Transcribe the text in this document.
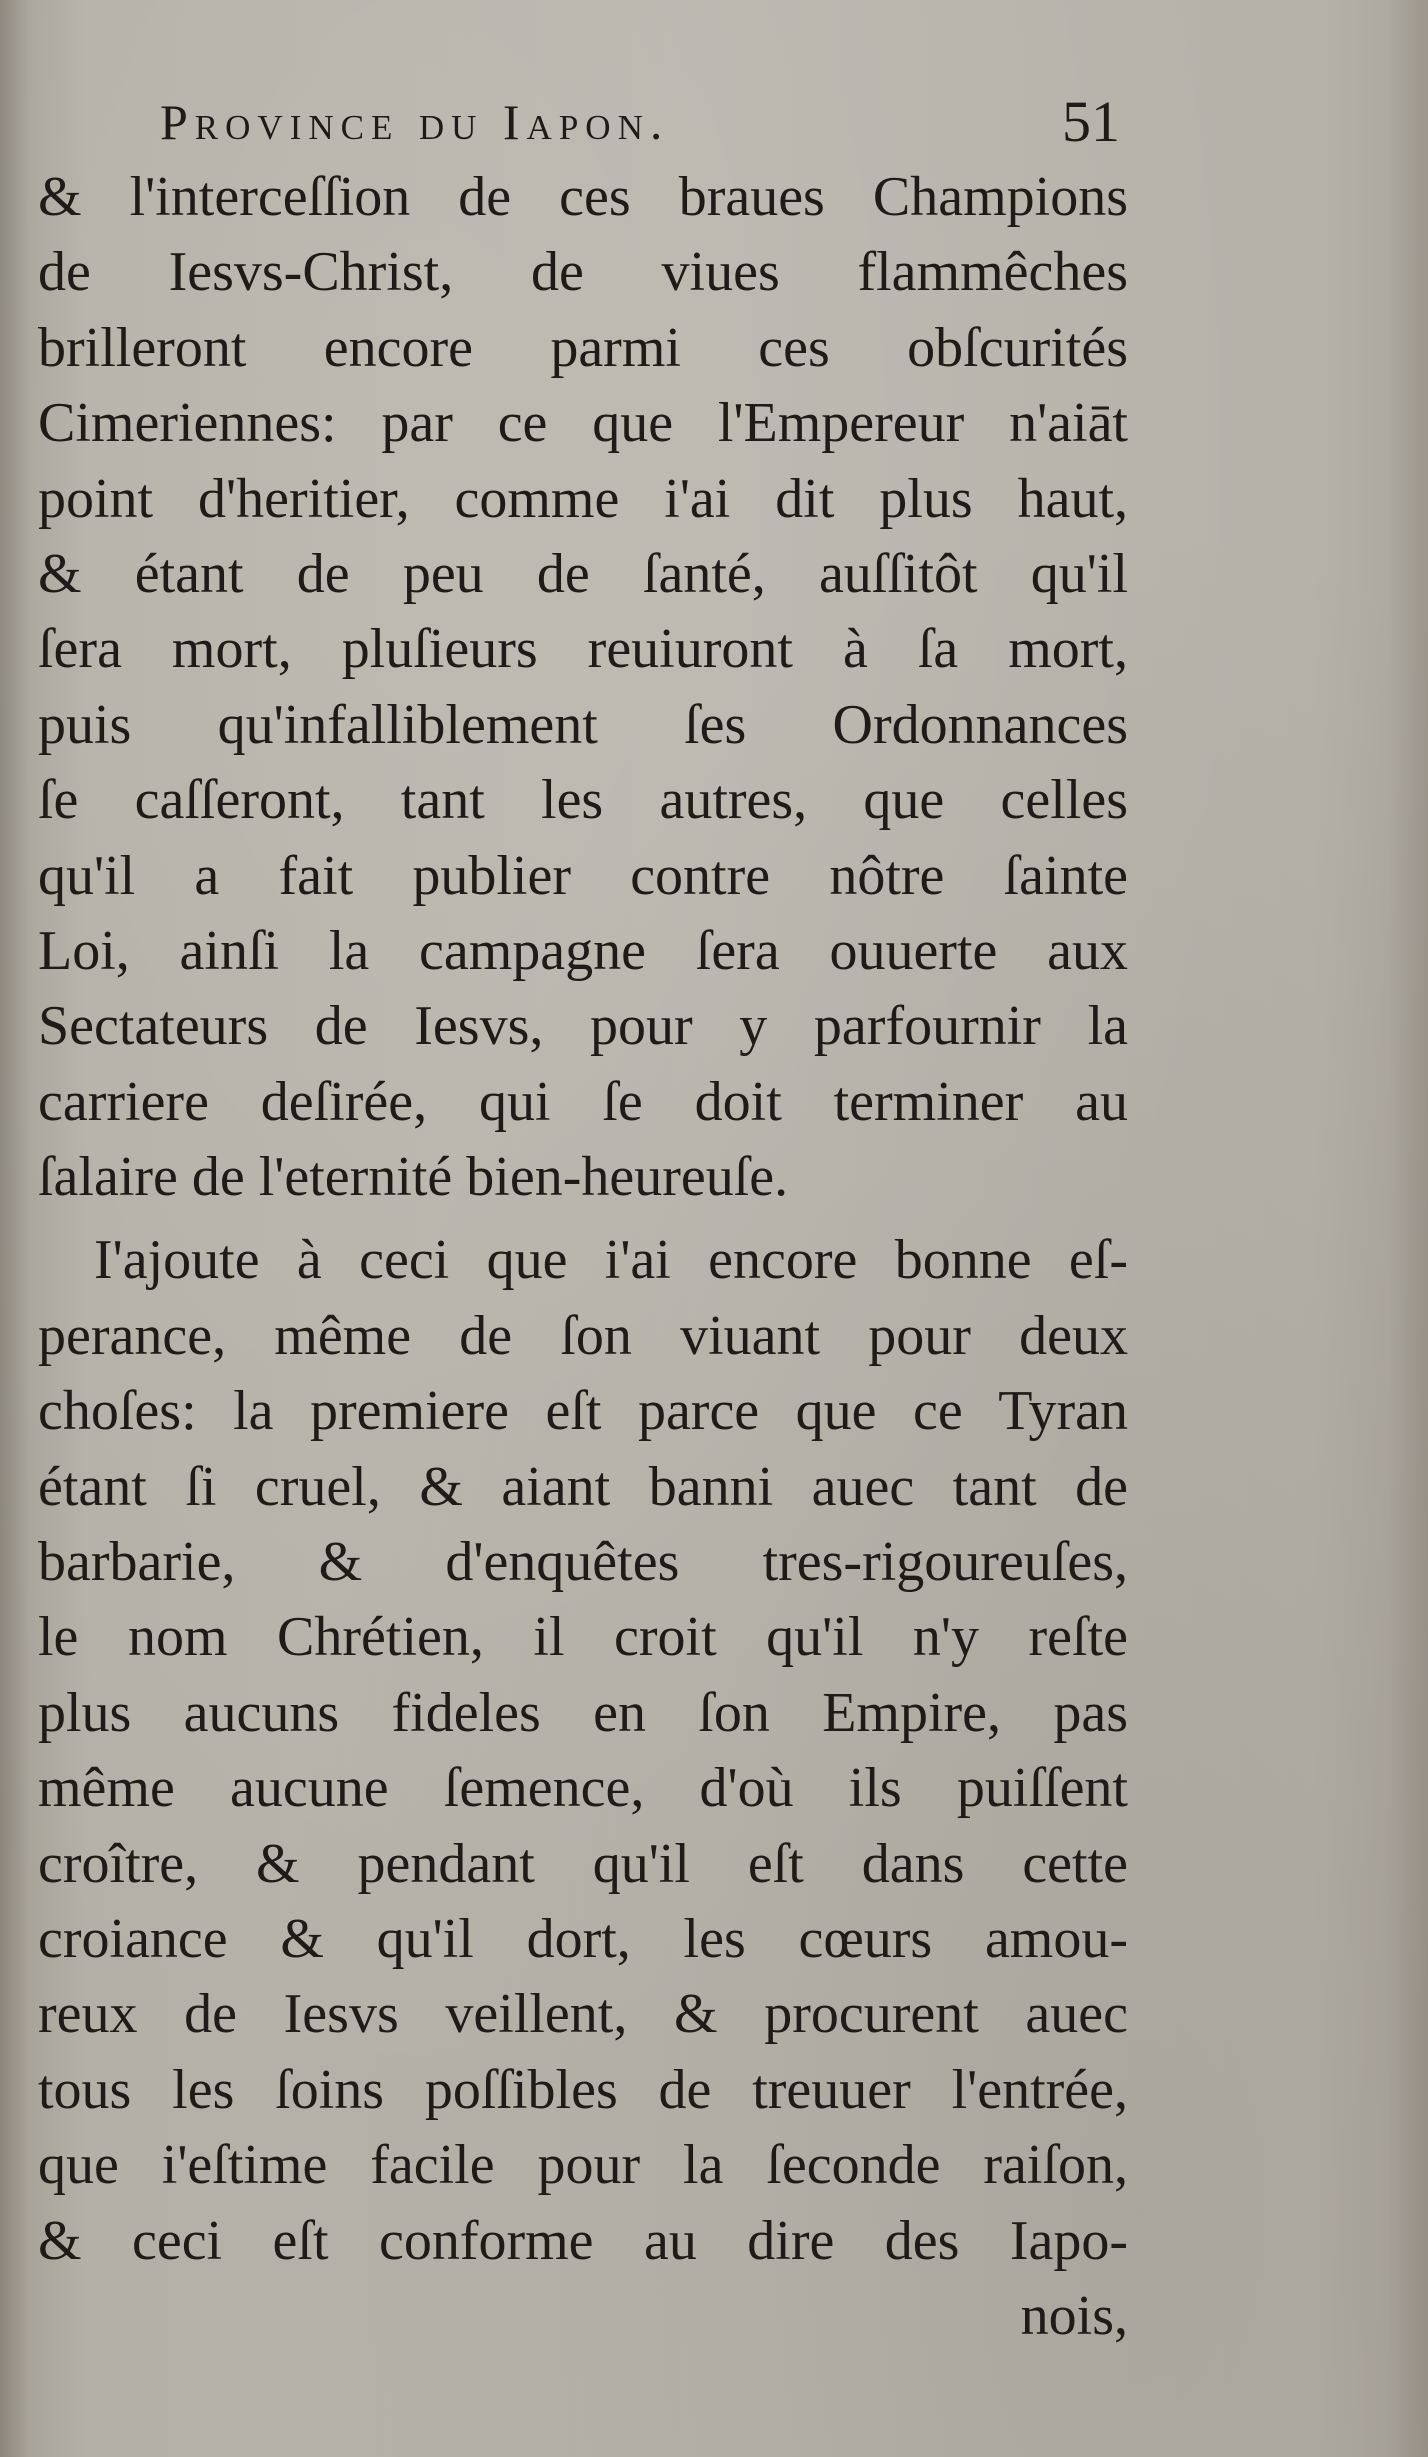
Province du Iapon.	51
& l'interceſſion de ces braues Champions
de Iesvs-Christ, de viues flammêches
brilleront encore parmi ces obſcurités
Cimeriennes: par ce que l'Empereur n'aiāt
point d'heritier, comme i'ai dit plus haut,
& étant de peu de ſanté, auſſitôt qu'il
ſera mort, pluſieurs reuiuront à ſa mort,
puis qu'infalliblement ſes Ordonnances
ſe caſſeront, tant les autres, que celles
qu'il a fait publier contre nôtre ſainte
Loi, ainſi la campagne ſera ouuerte aux
Sectateurs de Iesvs, pour y parfournir la
carriere deſirée, qui ſe doit terminer au
ſalaire de l'eternité bien-heureuſe.
I'ajoute à ceci que i'ai encore bonne eſ-
perance, même de ſon viuant pour deux
choſes: la premiere eſt parce que ce Tyran
étant ſi cruel, & aiant banni auec tant de
barbarie, & d'enquêtes tres-rigoureuſes,
le nom Chrétien, il croit qu'il n'y reſte
plus aucuns fideles en ſon Empire, pas
même aucune ſemence, d'où ils puiſſent
croître, & pendant qu'il eſt dans cette
croiance & qu'il dort, les cœurs amou-
reux de Iesvs veillent, & procurent auec
tous les ſoins poſſibles de treuuer l'entrée,
que i'eſtime facile pour la ſeconde raiſon,
& ceci eſt conforme au dire des Iapo-
nois,
